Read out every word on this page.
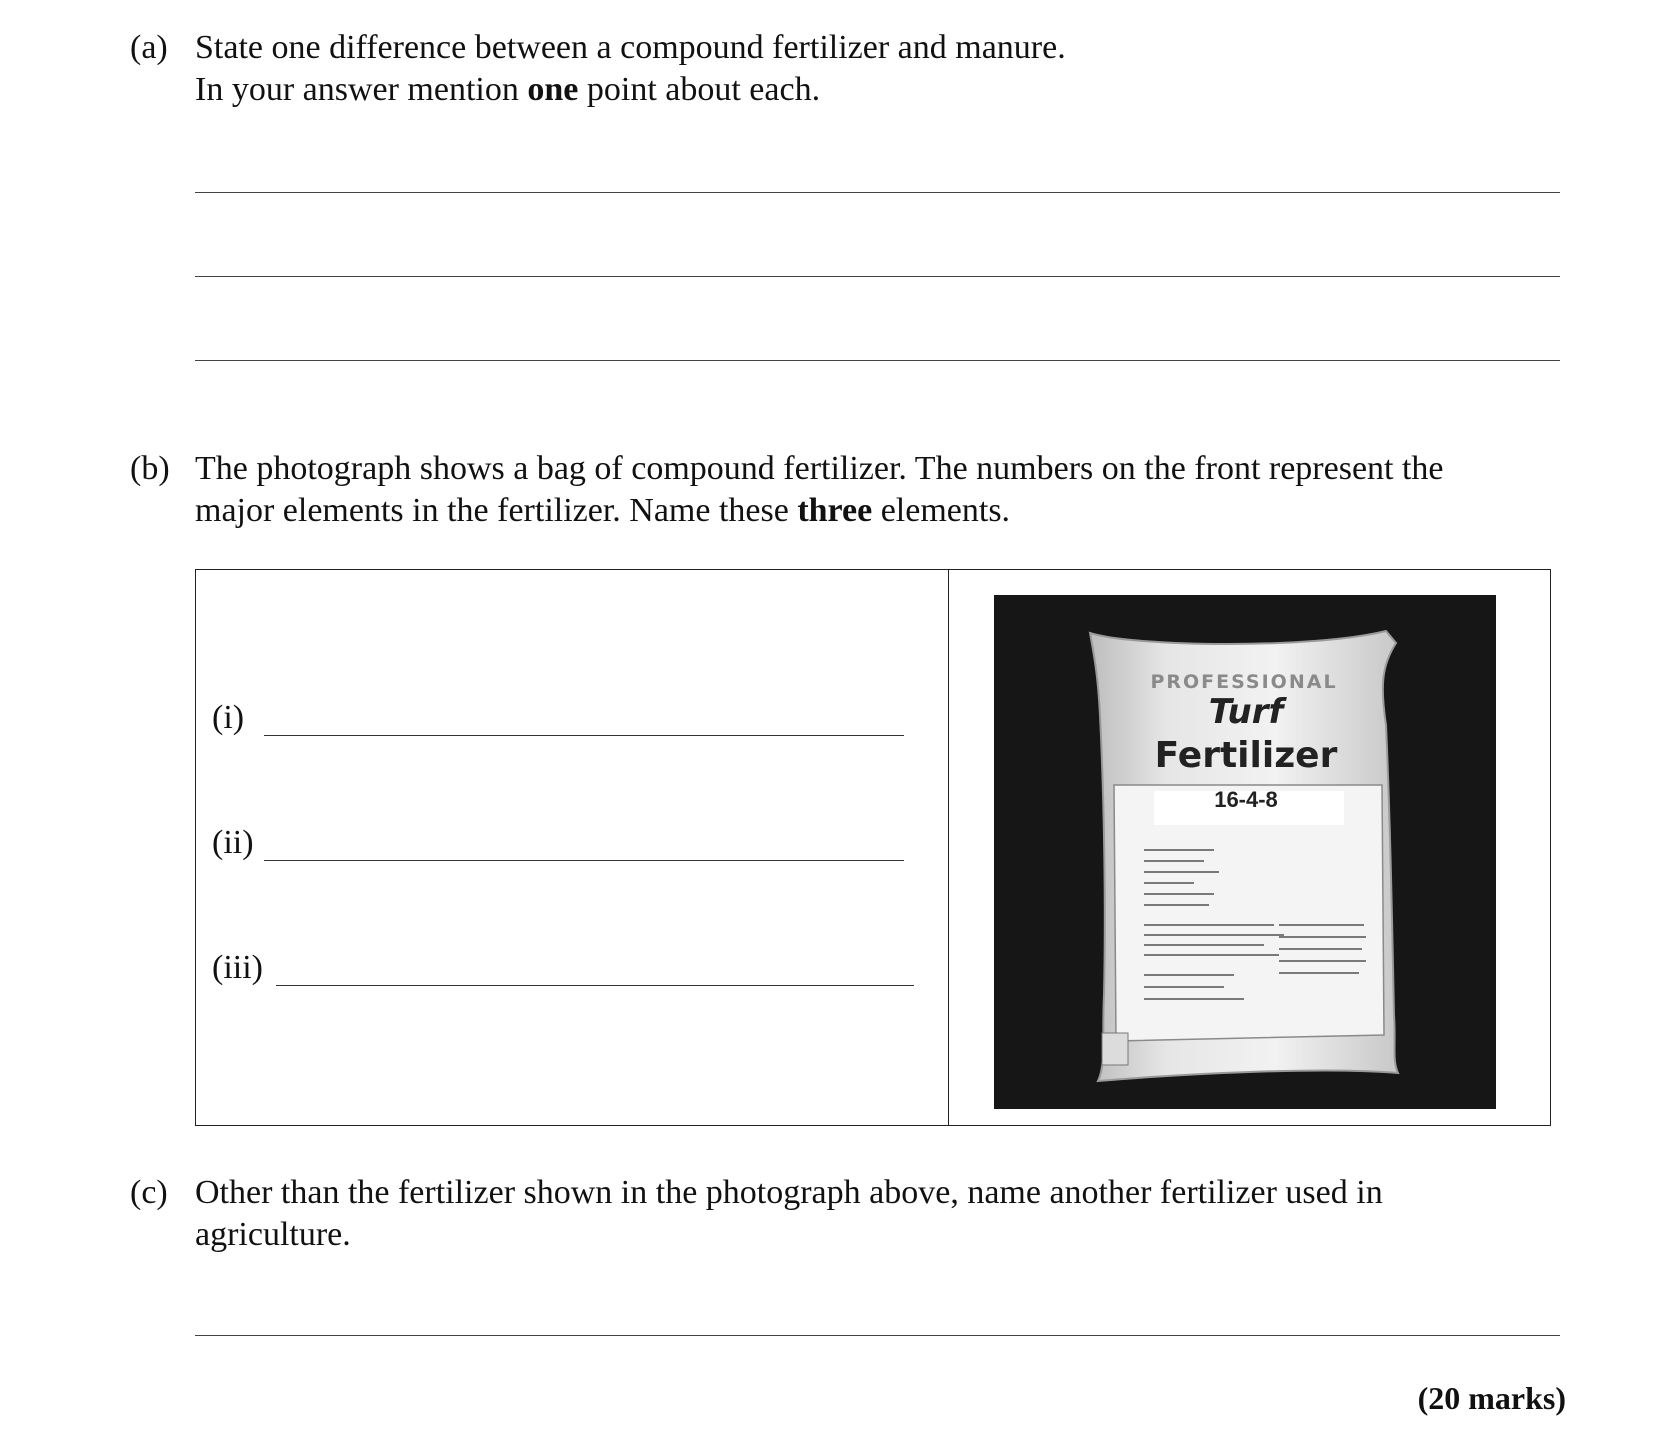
(a) State one difference between a compound fertilizer and manure.
In your answer mention one point about each.
(b) The photograph shows a bag of compound fertilizer. The numbers on the front represent the
major elements in the fertilizer. Name these three elements.
(i)
(ii)
(iii)
PROFESSIONAL
Turf
Fertilizer
16-4-8
(c) Other than the fertilizer shown in the photograph above, name another fertilizer used in
agriculture.
(20 marks)
